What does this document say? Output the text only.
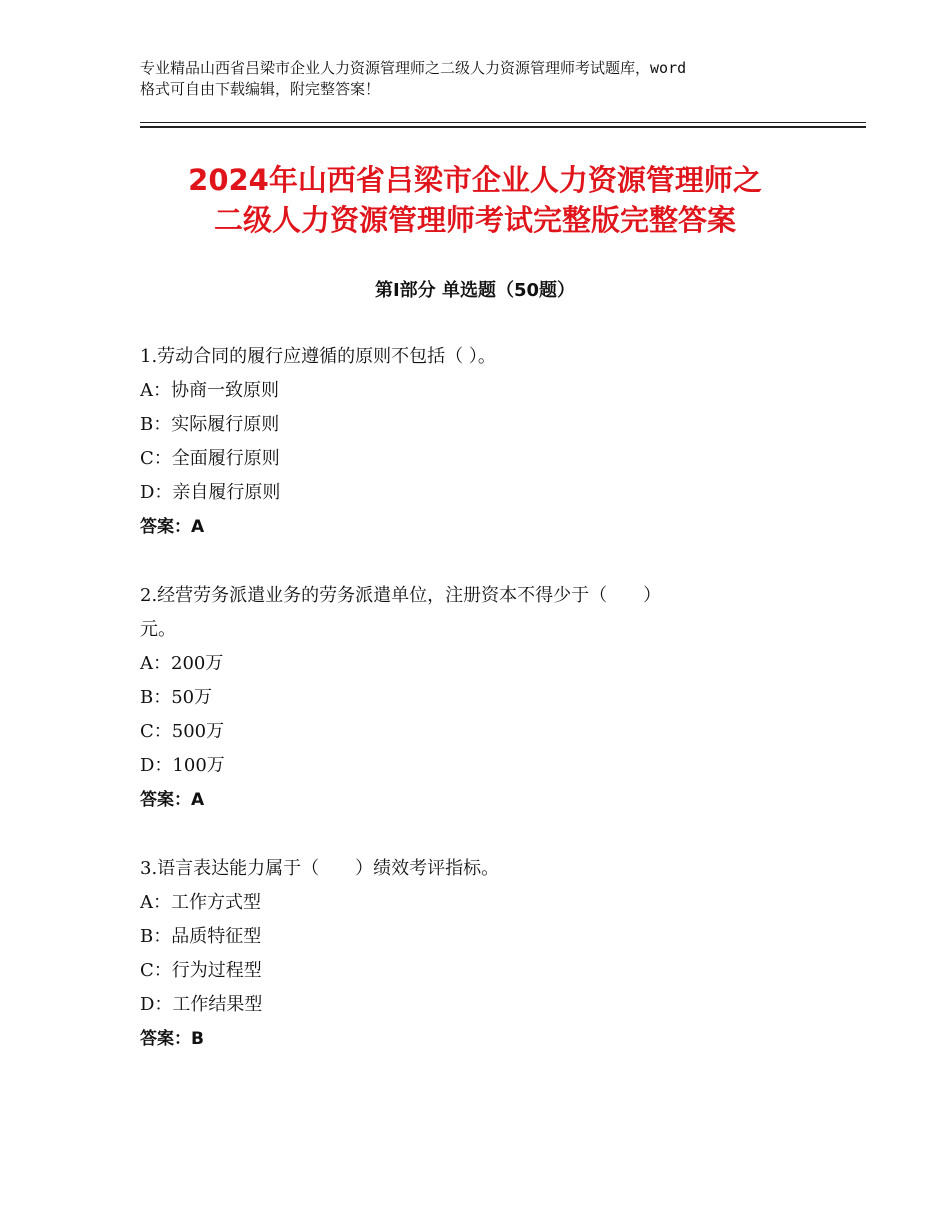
专业精品山西省吕梁市企业人力资源管理师之二级人力资源管理师考试题库，word
格式可自由下载编辑，附完整答案！
2024年山西省吕梁市企业人力资源管理师之
二级人力资源管理师考试完整版完整答案
第Ⅰ部分 单选题（50题）
1.劳动合同的履行应遵循的原则不包括（ ）。
A：协商一致原则
B：实际履行原则
C：全面履行原则
D：亲自履行原则
答案：A
2.经营劳务派遣业务的劳务派遣单位，注册资本不得少于（　　）
元。
A：200万
B：50万
C：500万
D：100万
答案：A
3.语言表达能力属于（　　）绩效考评指标。
A：工作方式型
B：品质特征型
C：行为过程型
D：工作结果型
答案：B
